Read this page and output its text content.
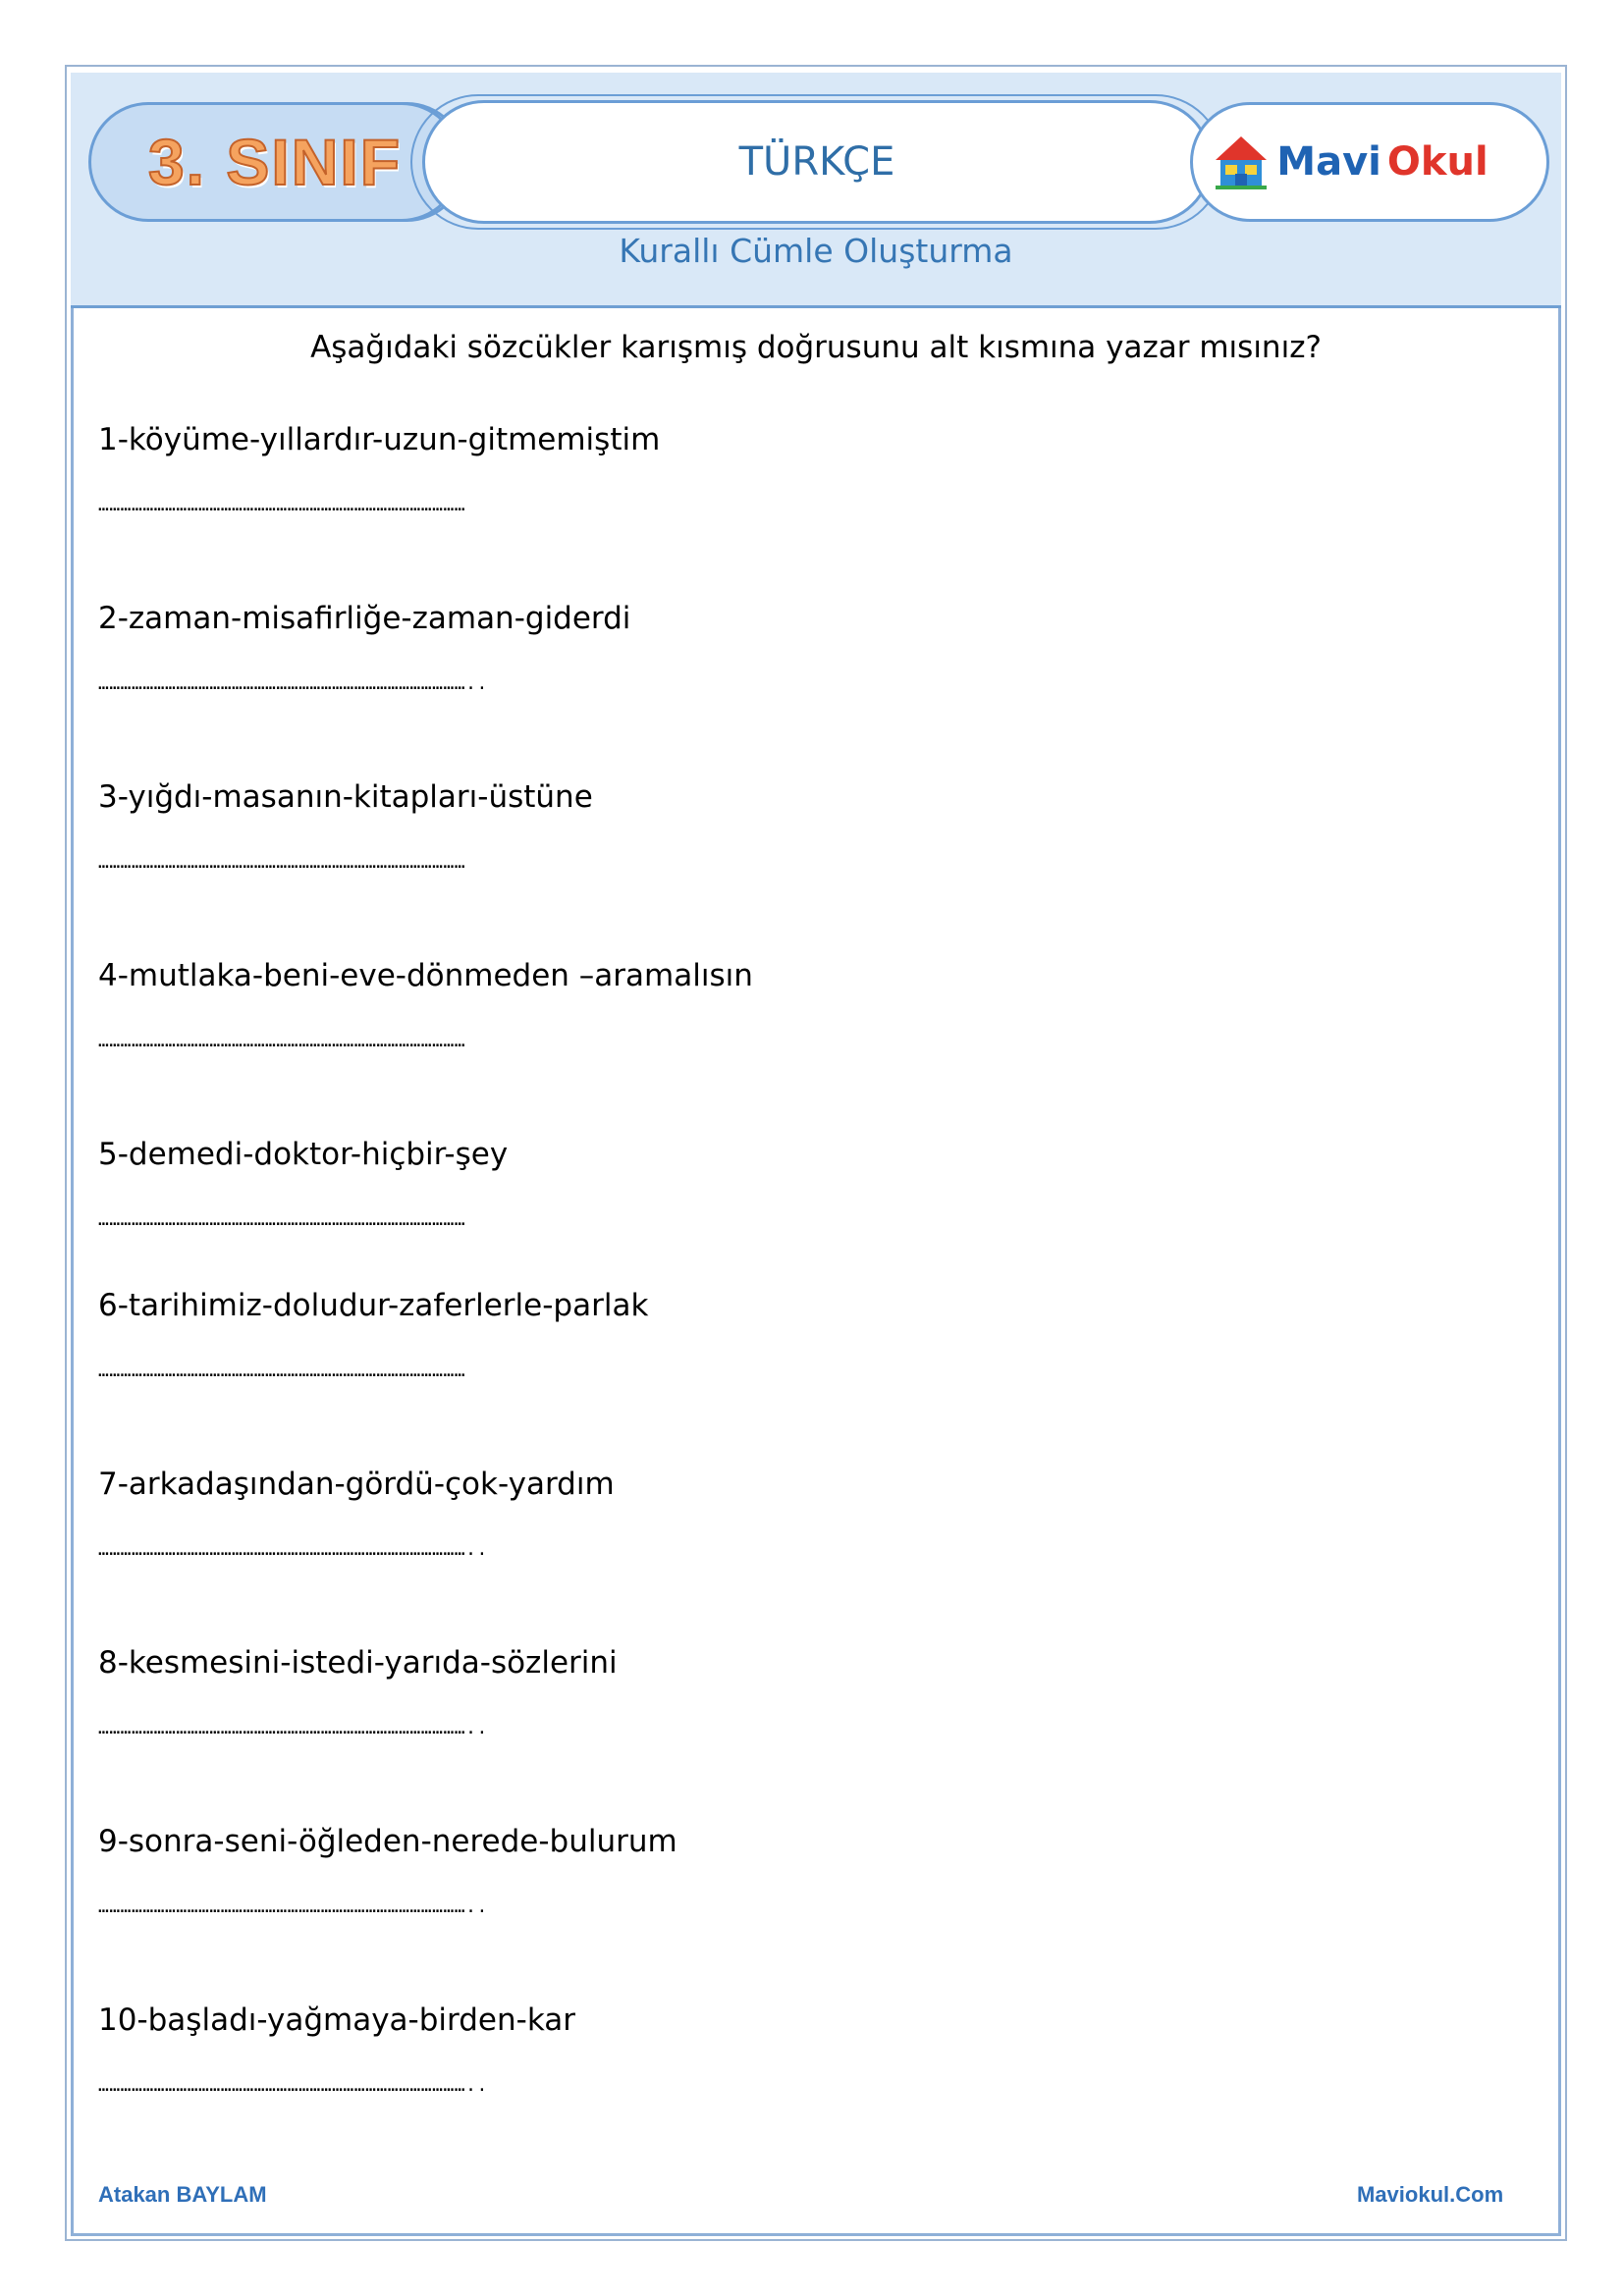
3. SINIF	TÜRKÇE	Mavi Okul
Kurallı Cümle Oluşturma
Aşağıdaki sözcükler karışmış doğrusunu alt kısmına yazar mısınız?
1-köyüme-yıllardır-uzun-gitmemiştim
………………………………………………………………………………………
2-zaman-misafirliğe-zaman-giderdi
………………………………………………………………………………………..
3-yığdı-masanın-kitapları-üstüne
………………………………………………………………………………………
4-mutlaka-beni-eve-dönmeden –aramalısın
………………………………………………………………………………………
5-demedi-doktor-hiçbir-şey
………………………………………………………………………………………
6-tarihimiz-doludur-zaferlerle-parlak
………………………………………………………………………………………
7-arkadaşından-gördü-çok-yardım
………………………………………………………………………………………..
8-kesmesini-istedi-yarıda-sözlerini
………………………………………………………………………………………..
9-sonra-seni-öğleden-nerede-bulurum
………………………………………………………………………………………..
10-başladı-yağmaya-birden-kar
………………………………………………………………………………………..
Atakan BAYLAM	Maviokul.Com
